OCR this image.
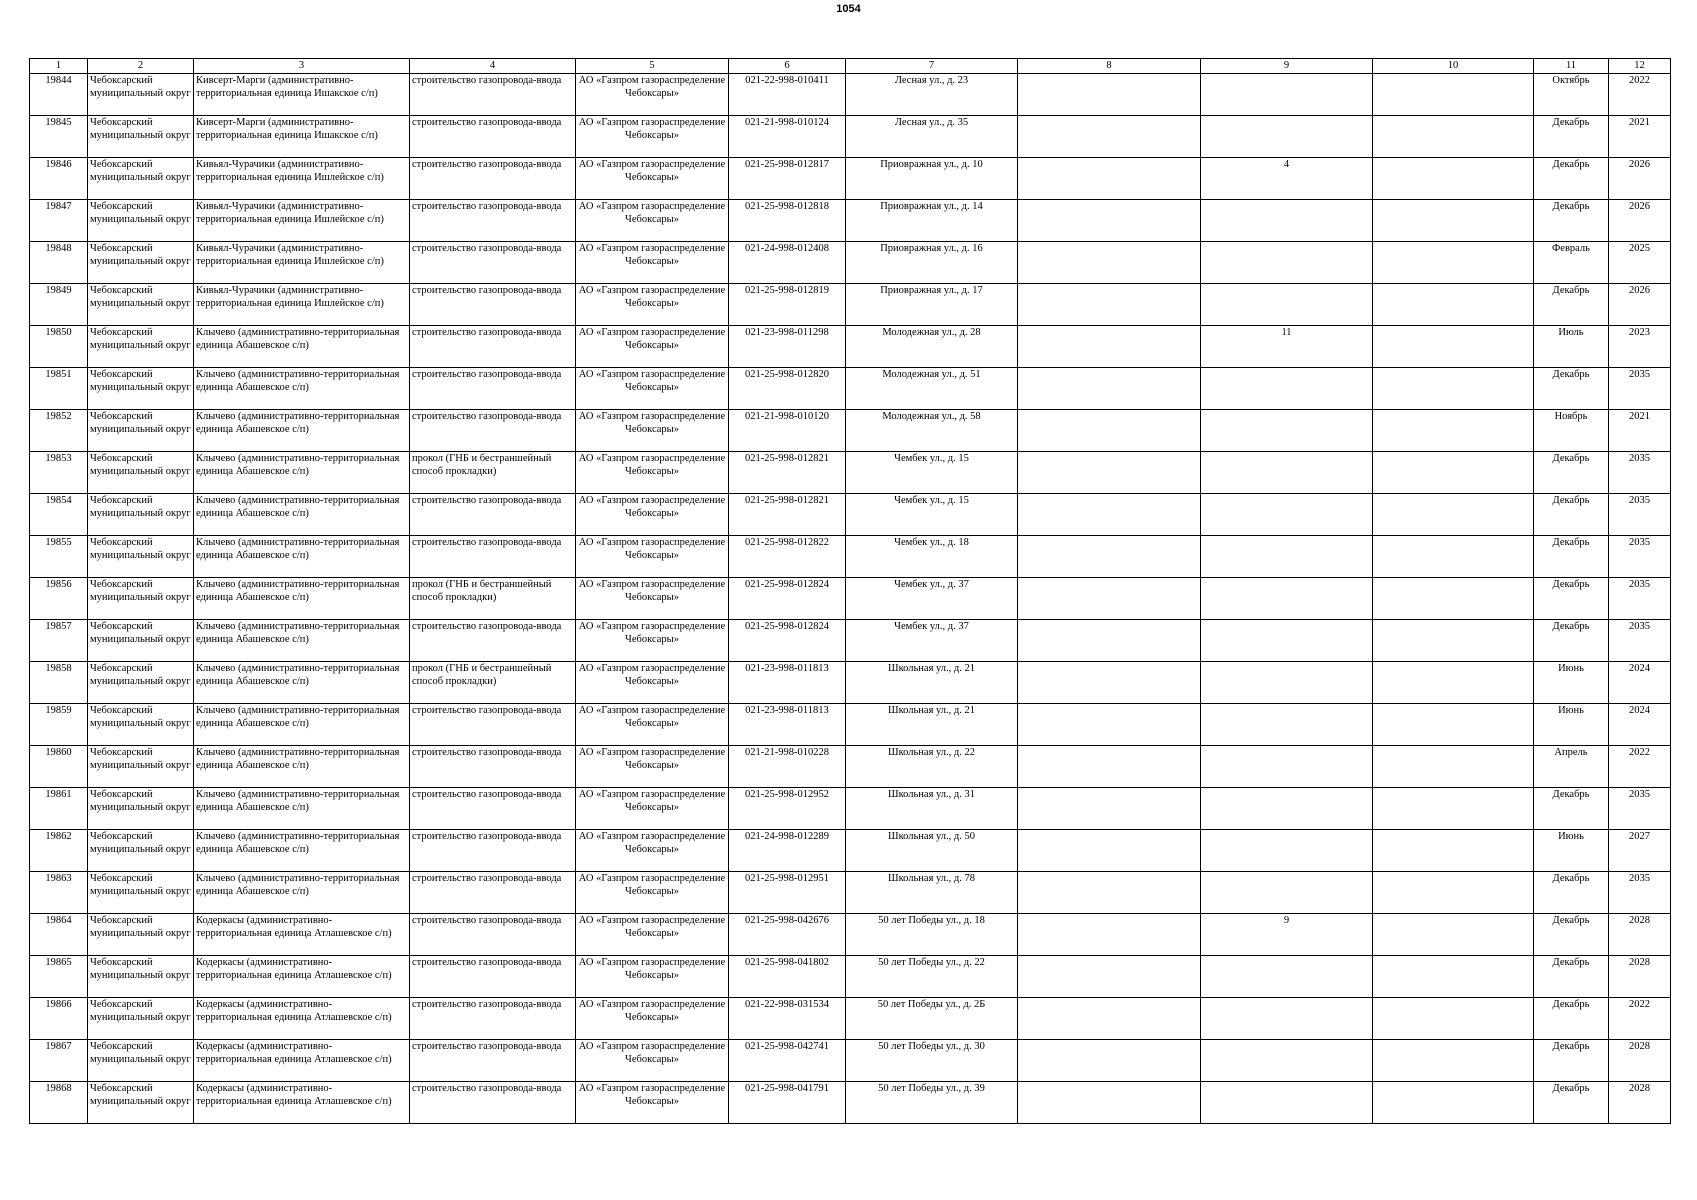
1054
1	2	3	4	5	6	7	8	9	10	11	12

19844	Чебоксарский муниципальный округ	Кивсерт-Марги (административно-территориальная единица Ишакское с/п)	строительство газопровода-ввода	АО «Газпром газораспределение Чебоксары»	021-22-998-010411	Лесная ул., д. 23				Октябрь	2022

19845	Чебоксарский муниципальный округ	Кивсерт-Марги (административно-территориальная единица Ишакское с/п)	строительство газопровода-ввода	АО «Газпром газораспределение Чебоксары»	021-21-998-010124	Лесная ул., д. 35				Декабрь	2021

19846	Чебоксарский муниципальный округ	Кивьял-Чурачики (административно-территориальная единица Ишлейское с/п)	строительство газопровода-ввода	АО «Газпром газораспределение Чебоксары»	021-25-998-012817	Приовражная ул., д. 10		4		Декабрь	2026

19847	Чебоксарский муниципальный округ	Кивьял-Чурачики (административно-территориальная единица Ишлейское с/п)	строительство газопровода-ввода	АО «Газпром газораспределение Чебоксары»	021-25-998-012818	Приовражная ул., д. 14				Декабрь	2026

19848	Чебоксарский муниципальный округ	Кивьял-Чурачики (административно-территориальная единица Ишлейское с/п)	строительство газопровода-ввода	АО «Газпром газораспределение Чебоксары»	021-24-998-012408	Приовражная ул., д. 16				Февраль	2025

19849	Чебоксарский муниципальный округ	Кивьял-Чурачики (административно-территориальная единица Ишлейское с/п)	строительство газопровода-ввода	АО «Газпром газораспределение Чебоксары»	021-25-998-012819	Приовражная ул., д. 17				Декабрь	2026

19850	Чебоксарский муниципальный округ	Клычево (административно-территориальная единица Абашевское с/п)	строительство газопровода-ввода	АО «Газпром газораспределение Чебоксары»	021-23-998-011298	Молодежная ул., д. 28		11		Июль	2023

19851	Чебоксарский муниципальный округ	Клычево (административно-территориальная единица Абашевское с/п)	строительство газопровода-ввода	АО «Газпром газораспределение Чебоксары»	021-25-998-012820	Молодежная ул., д. 51				Декабрь	2035

19852	Чебоксарский муниципальный округ	Клычево (административно-территориальная единица Абашевское с/п)	строительство газопровода-ввода	АО «Газпром газораспределение Чебоксары»	021-21-998-010120	Молодежная ул., д. 58				Ноябрь	2021

19853	Чебоксарский муниципальный округ	Клычево (административно-территориальная единица Абашевское с/п)	прокол (ГНБ и бестраншейный способ прокладки)	АО «Газпром газораспределение Чебоксары»	021-25-998-012821	Чембек ул., д. 15				Декабрь	2035

19854	Чебоксарский муниципальный округ	Клычево (административно-территориальная единица Абашевское с/п)	строительство газопровода-ввода	АО «Газпром газораспределение Чебоксары»	021-25-998-012821	Чембек ул., д. 15				Декабрь	2035

19855	Чебоксарский муниципальный округ	Клычево (административно-территориальная единица Абашевское с/п)	строительство газопровода-ввода	АО «Газпром газораспределение Чебоксары»	021-25-998-012822	Чембек ул., д. 18				Декабрь	2035

19856	Чебоксарский муниципальный округ	Клычево (административно-территориальная единица Абашевское с/п)	прокол (ГНБ и бестраншейный способ прокладки)	АО «Газпром газораспределение Чебоксары»	021-25-998-012824	Чембек ул., д. 37				Декабрь	2035

19857	Чебоксарский муниципальный округ	Клычево (административно-территориальная единица Абашевское с/п)	строительство газопровода-ввода	АО «Газпром газораспределение Чебоксары»	021-25-998-012824	Чембек ул., д. 37				Декабрь	2035

19858	Чебоксарский муниципальный округ	Клычево (административно-территориальная единица Абашевское с/п)	прокол (ГНБ и бестраншейный способ прокладки)	АО «Газпром газораспределение Чебоксары»	021-23-998-011813	Школьная ул., д. 21				Июнь	2024

19859	Чебоксарский муниципальный округ	Клычево (административно-территориальная единица Абашевское с/п)	строительство газопровода-ввода	АО «Газпром газораспределение Чебоксары»	021-23-998-011813	Школьная ул., д. 21				Июнь	2024

19860	Чебоксарский муниципальный округ	Клычево (административно-территориальная единица Абашевское с/п)	строительство газопровода-ввода	АО «Газпром газораспределение Чебоксары»	021-21-998-010228	Школьная ул., д. 22				Апрель	2022

19861	Чебоксарский муниципальный округ	Клычево (административно-территориальная единица Абашевское с/п)	строительство газопровода-ввода	АО «Газпром газораспределение Чебоксары»	021-25-998-012952	Школьная ул., д. 31				Декабрь	2035

19862	Чебоксарский муниципальный округ	Клычево (административно-территориальная единица Абашевское с/п)	строительство газопровода-ввода	АО «Газпром газораспределение Чебоксары»	021-24-998-012289	Школьная ул., д. 50				Июнь	2027

19863	Чебоксарский муниципальный округ	Клычево (административно-территориальная единица Абашевское с/п)	строительство газопровода-ввода	АО «Газпром газораспределение Чебоксары»	021-25-998-012951	Школьная ул., д. 78				Декабрь	2035

19864	Чебоксарский муниципальный округ	Кодеркасы (административно-территориальная единица Атлашевское с/п)	строительство газопровода-ввода	АО «Газпром газораспределение Чебоксары»	021-25-998-042676	50 лет Победы ул., д. 18		9		Декабрь	2028

19865	Чебоксарский муниципальный округ	Кодеркасы (административно-территориальная единица Атлашевское с/п)	строительство газопровода-ввода	АО «Газпром газораспределение Чебоксары»	021-25-998-041802	50 лет Победы ул., д. 22				Декабрь	2028

19866	Чебоксарский муниципальный округ	Кодеркасы (административно-территориальная единица Атлашевское с/п)	строительство газопровода-ввода	АО «Газпром газораспределение Чебоксары»	021-22-998-031534	50 лет Победы ул., д. 2Б				Декабрь	2022

19867	Чебоксарский муниципальный округ	Кодеркасы (административно-территориальная единица Атлашевское с/п)	строительство газопровода-ввода	АО «Газпром газораспределение Чебоксары»	021-25-998-042741	50 лет Победы ул., д. 30				Декабрь	2028

19868	Чебоксарский муниципальный округ	Кодеркасы (административно-территориальная единица Атлашевское с/п)	строительство газопровода-ввода	АО «Газпром газораспределение Чебоксары»	021-25-998-041791	50 лет Победы ул., д. 39				Декабрь	2028
